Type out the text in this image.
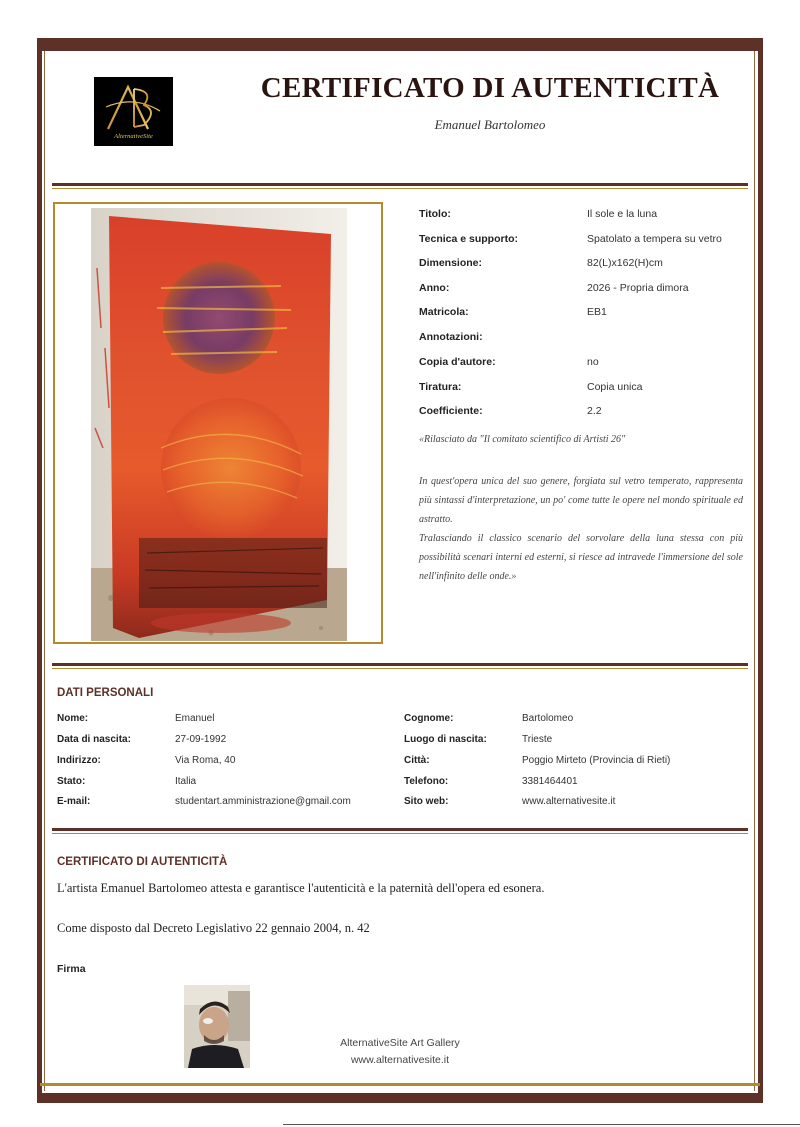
AlternativeSite
CERTIFICATO DI AUTENTICITÀ
Emanuel Bartolomeo
Titolo:	Il sole e la luna
Tecnica e supporto:	Spatolato a tempera su vetro
Dimensione:	82(L)x162(H)cm
Anno:	2026 - Propria dimora
Matricola:	EB1
Annotazioni:
Copia d'autore:	no
Tiratura:	Copia unica
Coefficiente:	2.2
«Rilasciato da "Il comitato scientifico di Artisti 26"

In quest'opera unica del suo genere, forgiata sul vetro temperato, rappresenta più sintassi d'interpretazione, un po' come tutte le opere nel mondo spirituale ed astratto.

Tralasciando il classico scenario del sorvolare della luna stessa con più possibilità scenari interni ed esterni, si riesce ad intravede l'immersione del sole nell'infinito delle onde.»

DATI PERSONALI
Nome:	Emanuel
Data di nascita:	27-09-1992
Indirizzo:	Via Roma, 40
Stato:	Italia
E-mail:	studentart.amministrazione@gmail.com
Cognome:	Bartolomeo
Luogo di nascita:	Trieste
Città:	Poggio Mirteto (Provincia di Rieti)
Telefono:	3381464401
Sito web:	www.alternativesite.it
CERTIFICATO DI AUTENTICITÀ
L'artista Emanuel Bartolomeo attesta e garantisce l'autenticità e la paternità dell'opera ed esonera.
Come disposto dal Decreto Legislativo 22 gennaio 2004, n. 42
Firma
AlternativeSite Art Gallery
www.alternativesite.it
